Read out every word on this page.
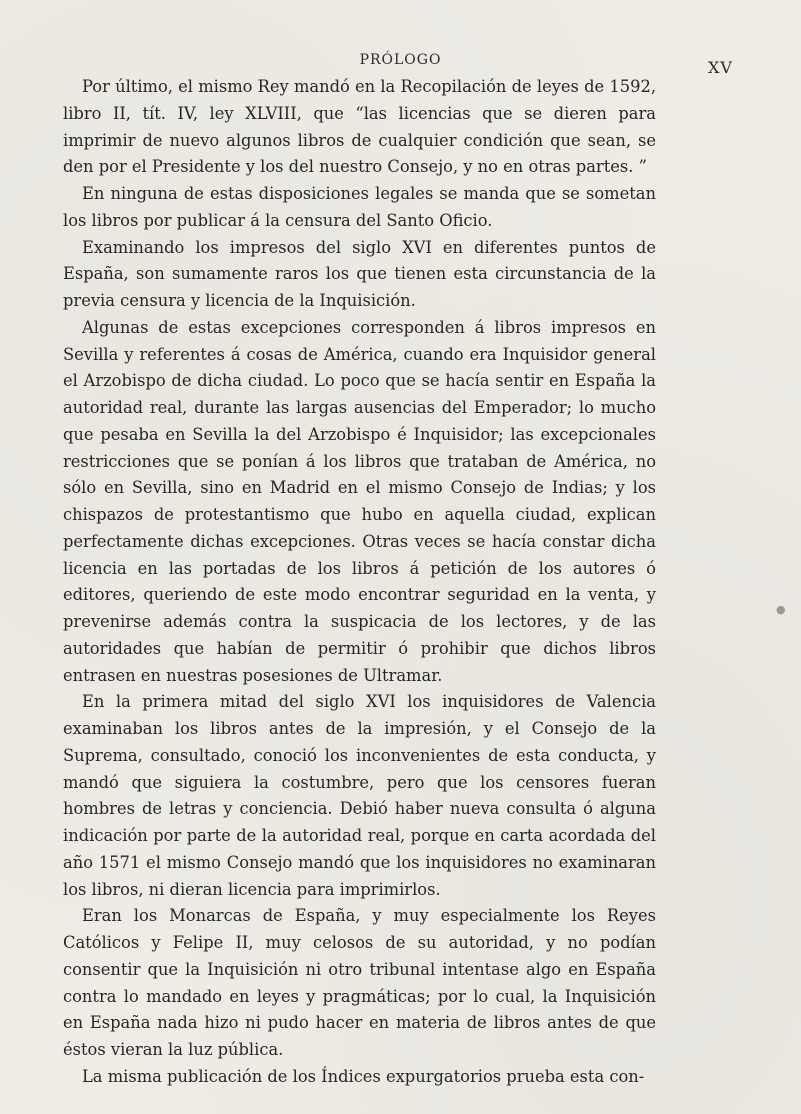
PRÓLOGO	XV

Por último, el mismo Rey mandó en la Recopilación de leyes de 1592, libro II, tít. IV, ley XLVIII, que “las licencias que se dieren para imprimir de nuevo algunos libros de cualquier condición que sean, se den por el Presidente y los del nuestro Consejo, y no en otras partes. ”

En ninguna de estas disposiciones legales se manda que se sometan los libros por publicar á la censura del Santo Oficio.

Examinando los impresos del siglo XVI en diferentes puntos de España, son sumamente raros los que tienen esta circunstancia de la previa censura y licencia de la Inquisición.

Algunas de estas excepciones corresponden á libros impresos en Sevilla y referentes á cosas de América, cuando era Inquisidor general el Arzobispo de dicha ciudad. Lo poco que se hacía sentir en España la autoridad real, durante las largas ausencias del Emperador; lo mucho que pesaba en Sevilla la del Arzobispo é Inquisidor; las excepcionales restricciones que se ponían á los libros que trataban de América, no sólo en Sevilla, sino en Madrid en el mismo Consejo de Indias; y los chispazos de protestantismo que hubo en aquella ciudad, explican perfectamente dichas excepciones. Otras veces se hacía constar dicha licencia en las portadas de los libros á petición de los autores ó editores, queriendo de este modo encontrar seguridad en la venta, y prevenirse además contra la suspicacia de los lectores, y de las autoridades que habían de permitir ó prohibir que dichos libros entrasen en nuestras posesiones de Ultramar.

En la primera mitad del siglo XVI los inquisidores de Valencia examinaban los libros antes de la impresión, y el Consejo de la Suprema, consultado, conoció los inconvenientes de esta conducta, y mandó que siguiera la costumbre, pero que los censores fueran hombres de letras y conciencia. Debió haber nueva consulta ó alguna indicación por parte de la autoridad real, porque en carta acordada del año 1571 el mismo Consejo mandó que los inquisidores no examinaran los libros, ni dieran licencia para imprimirlos.

Eran los Monarcas de España, y muy especialmente los Reyes Católicos y Felipe II, muy celosos de su autoridad, y no podían consentir que la Inquisición ni otro tribunal intentase algo en España contra lo mandado en leyes y pragmáticas; por lo cual, la Inquisición en España nada hizo ni pudo hacer en materia de libros antes de que éstos vieran la luz pública.

La misma publicación de los Índices expurgatorios prueba esta con-

●
